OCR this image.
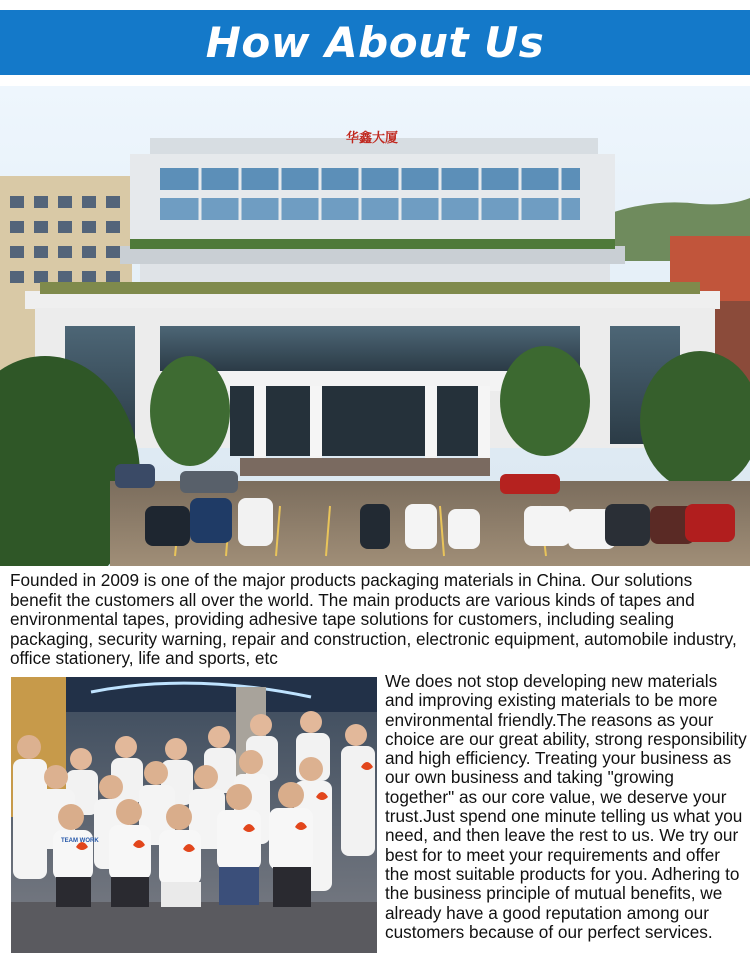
How About Us
华鑫大厦

Founded in 2009 is one of the major products packaging materials in China. Our solutions benefit the customers all over the world. The main products are various kinds of tapes and environmental tapes, providing adhesive tape solutions for customers, including sealing packaging, security warning, repair and construction, electronic equipment, automobile industry, office stationery, life and sports, etc

TEAM WORK

We does not stop developing new materials and improving existing materials to be more environmental friendly.The reasons as your choice are our great ability, strong responsibility and high efficiency. Treating your business as our own business and taking "growing together" as our core value, we deserve your trust.Just spend one minute telling us what you need, and then leave the rest to us. We try our best for to meet your requirements and offer the most suitable products for you. Adhering to the business principle of mutual benefits, we already have a good reputation among our customers because of our perfect services.
